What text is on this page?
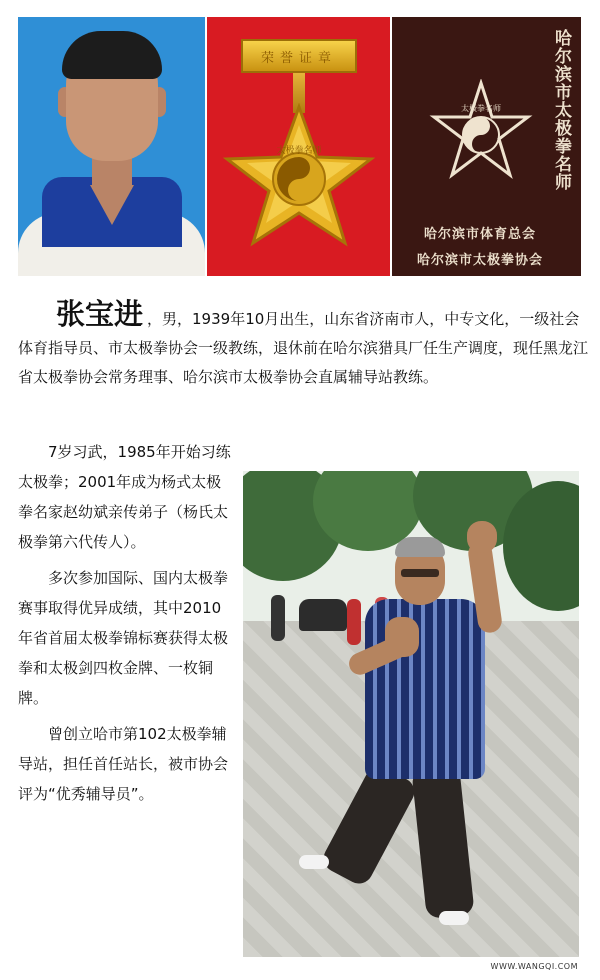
荣誉证章
太极拳名师	哈尔滨市太极拳名师
太极拳名师
哈尔滨市体育总会
哈尔滨市太极拳协会
张宝进 ，男，1939年10月出生，山东省济南市人，中专文化，一级社会体育指导员、市太极拳协会一级教练，退休前在哈尔滨猎具厂任生产调度，现任黑龙江省太极拳协会常务理事、哈尔滨市太极拳协会直属辅导站教练。

7岁习武，1985年开始习练太极拳；2001年成为杨式太极拳名家赵幼斌亲传弟子（杨氏太极拳第六代传人）。

多次参加国际、国内太极拳赛事取得优异成绩，其中2010年省首届太极拳锦标赛获得太极拳和太极剑四枚金牌、一枚铜牌。

曾创立哈市第102太极拳辅导站，担任首任站长，被市协会评为“优秀辅导员”。

WWW.WANGQI.COM
